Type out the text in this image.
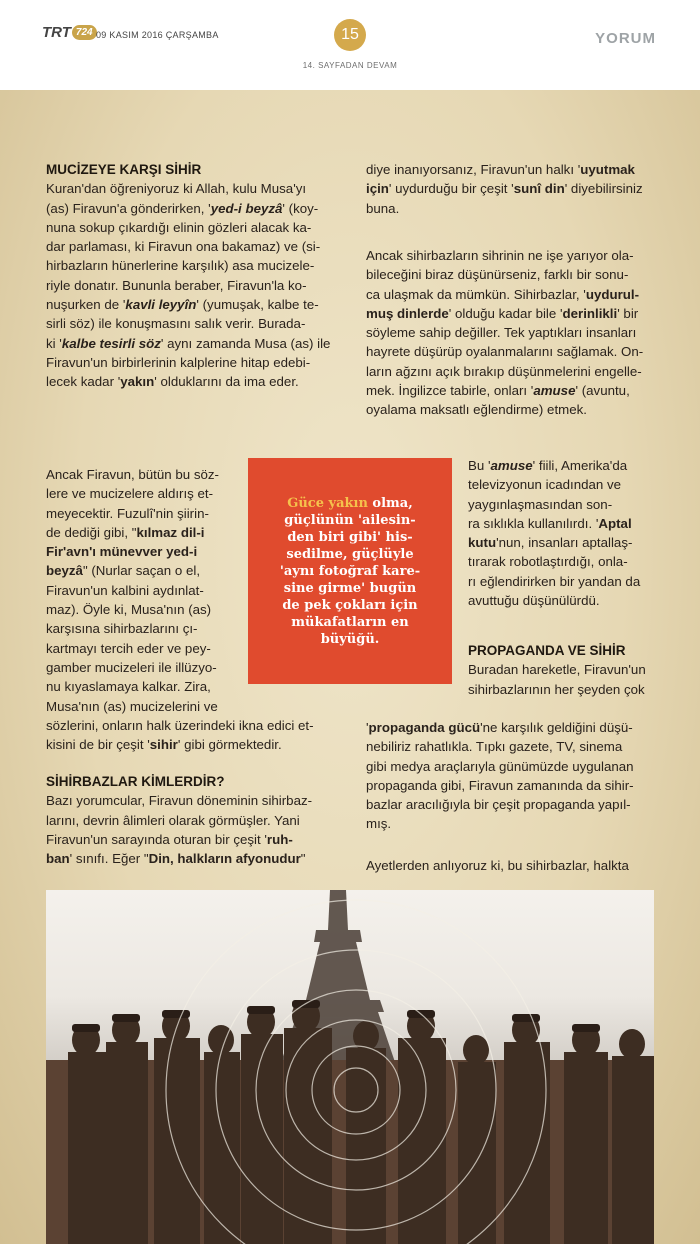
TRT 724 09 KASIM 2016 ÇARŞAMBA	15
14. SAYFADAN DEVAM
YORUM
MUCİZEYE KARŞI SİHİR
Kuran'dan öğreniyoruz ki Allah, kulu Musa'yı
(as) Firavun'a gönderirken, 'yed-i beyzâ' (koy-
nuna sokup çıkardığı elinin gözleri alacak ka-
dar parlaması, ki Firavun ona bakamaz) ve (si-
hirbazların hünerlerine karşılık) asa mucizele-
riyle donatır. Bununla beraber, Firavun'la ko-
nuşurken de 'kavli leyyîn' (yumuşak, kalbe te-
sirli söz) ile konuşmasını salık verir. Burada-
ki 'kalbe tesirli söz' aynı zamanda Musa (as) ile
Firavun'un birbirlerinin kalplerine hitap edebi-
lecek kadar 'yakın' olduklarını da ima eder.
Ancak Firavun, bütün bu söz-
lere ve mucizelere aldırış et-
meyecektir. Fuzulî'nin şiirin-
de dediği gibi, "kılmaz dil-i
Fir'avn'ı münevver yed-i
beyzâ" (Nurlar saçan o el,
Firavun'un kalbini aydınlat-
maz). Öyle ki, Musa'nın (as)
karşısına sihirbazlarını çı-
kartmayı tercih eder ve pey-
gamber mucizeleri ile illüzyo-
nu kıyaslamaya kalkar. Zira,
Musa'nın (as) mucizelerini ve
sözlerini, onların halk üzerindeki ikna edici et-
kisini de bir çeşit 'sihir' gibi görmektedir.
SİHİRBAZLAR KİMLERDİR?
Bazı yorumcular, Firavun döneminin sihirbaz-
larını, devrin âlimleri olarak görmüşler. Yani
Firavun'un sarayında oturan bir çeşit 'ruh-
ban' sınıfı. Eğer "Din, halkların afyonudur"
diye inanıyorsanız, Firavun'un halkı 'uyutmak
için' uydurduğu bir çeşit 'sunî din' diyebilirsiniz
buna.
Ancak sihirbazların sihrinin ne işe yarıyor ola-
bileceğini biraz düşünürseniz, farklı bir sonu-
ca ulaşmak da mümkün. Sihirbazlar, 'uydurul-
muş dinlerde' olduğu kadar bile 'derinlikli' bir
söyleme sahip değiller. Tek yaptıkları insanları
hayrete düşürüp oyalanmalarını sağlamak. On-
ların ağzını açık bırakıp düşünmelerini engelle-
mek. İngilizce tabirle, onları 'amuse' (avuntu,
oyalama maksatlı eğlendirme) etmek.
Bu 'amuse' fiili, Amerika'da
televizyonun icadından ve
yaygınlaşmasından son-
ra sıklıkla kullanılırdı. 'Aptal
kutu'nun, insanları aptallaş-
tırarak robotlaştırdığı, onla-
rı eğlendirirken bir yandan da
avuttuğu düşünülürdü.
PROPAGANDA VE SİHİR
Buradan hareketle, Firavun'un
sihirbazlarının her şeyden çok
'propaganda gücü'ne karşılık geldiğini düşü-
nebiliriz rahatlıkla. Tıpkı gazete, TV, sinema
gibi medya araçlarıyla günümüzde uygulanan
propaganda gibi, Firavun zamanında da sihir-
bazlar aracılığıyla bir çeşit propaganda yapıl-
mış.
Ayetlerden anlıyoruz ki, bu sihirbazlar, halkta
Güce yakın olma,
güçlünün 'ailesin-
den biri gibi' his-
sedilme, güçlüyle
'aynı fotoğraf kare-
sine girme' bugün
de pek çokları için
mükafatların en
büyüğü.
